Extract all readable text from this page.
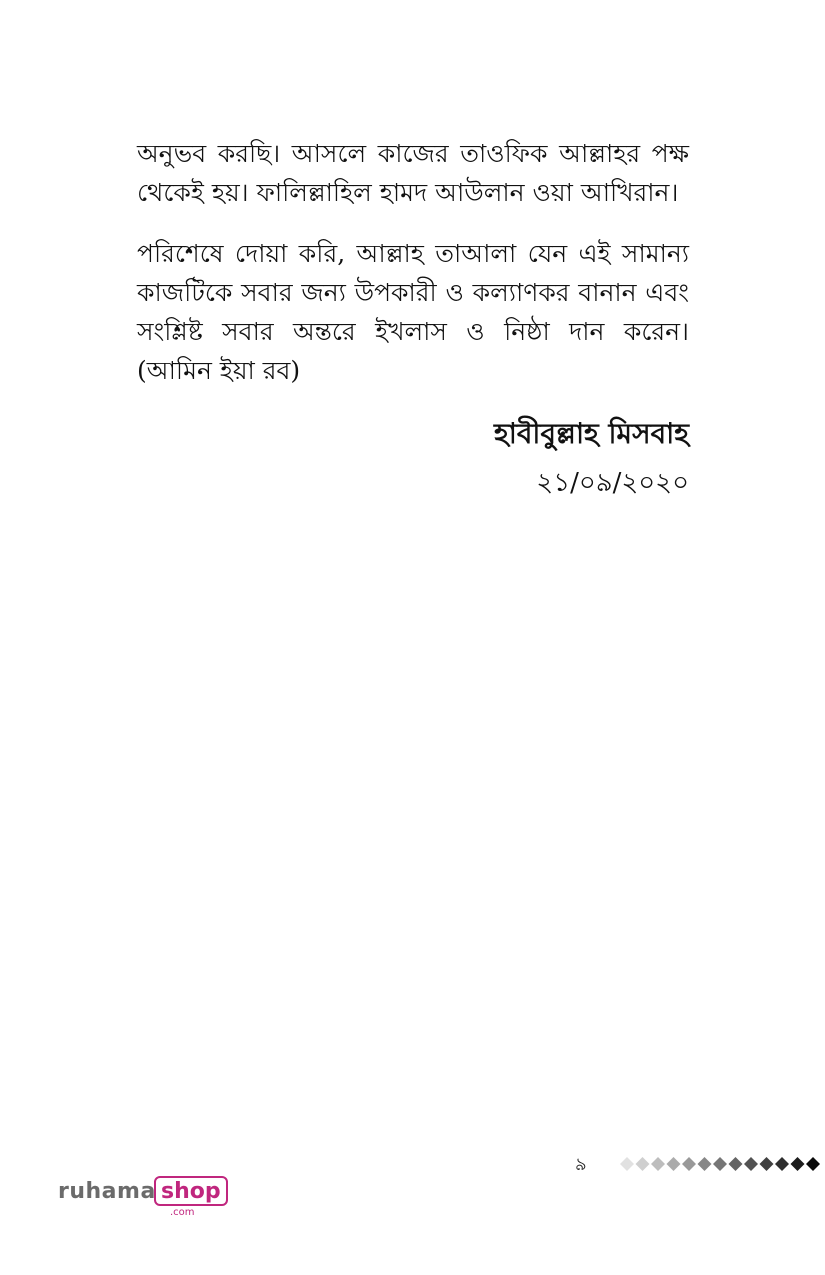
অনুভব করছি। আসলে কাজের তাওফিক আল্লাহর পক্ষ থেকেই হয়। ফালিল্লাহিল হামদ আউলান ওয়া আখিরান।
পরিশেষে দোয়া করি, আল্লাহ তাআলা যেন এই সামান্য কাজটিকে সবার জন্য উপকারী ও কল্যাণকর বানান এবং সংশ্লিষ্ট সবার অন্তরে ইখলাস ও নিষ্ঠা দান করেন। (আমিন ইয়া রব)
হাবীবুল্লাহ মিসবাহ
২১/০৯/২০২০
৯
ruhama shop
.com
